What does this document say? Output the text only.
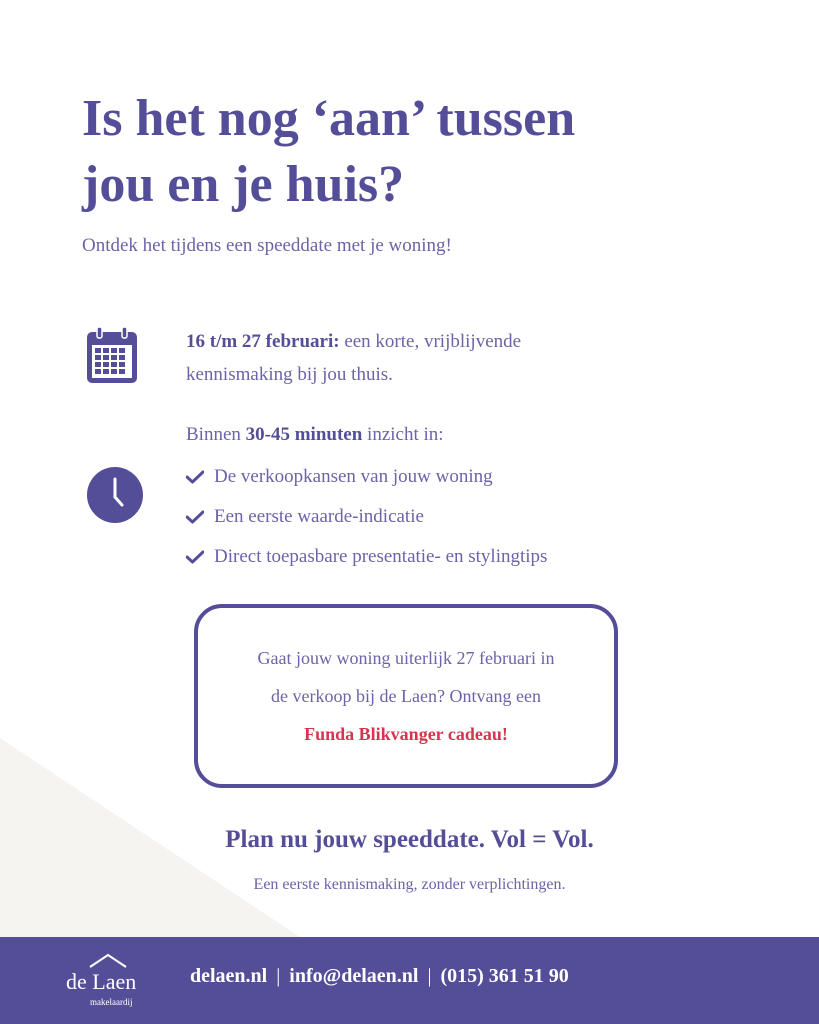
Is het nog ‘aan’ tussen
jou en je huis?
Ontdek het tijdens een speeddate met je woning!
16 t/m 27 februari: een korte, vrijblijvende kennismaking bij jou thuis.
Binnen 30-45 minuten inzicht in:
De verkoopkansen van jouw woning
Een eerste waarde-indicatie
Direct toepasbare presentatie- en stylingtips
Gaat jouw woning uiterlijk 27 februari in
de verkoop bij de Laen? Ontvang een
Funda Blikvanger cadeau!
Plan nu jouw speeddate. Vol = Vol.
Een eerste kennismaking, zonder verplichtingen.
de Laen
makelaardij
delaen.nl | info@delaen.nl | (015) 361 51 90
